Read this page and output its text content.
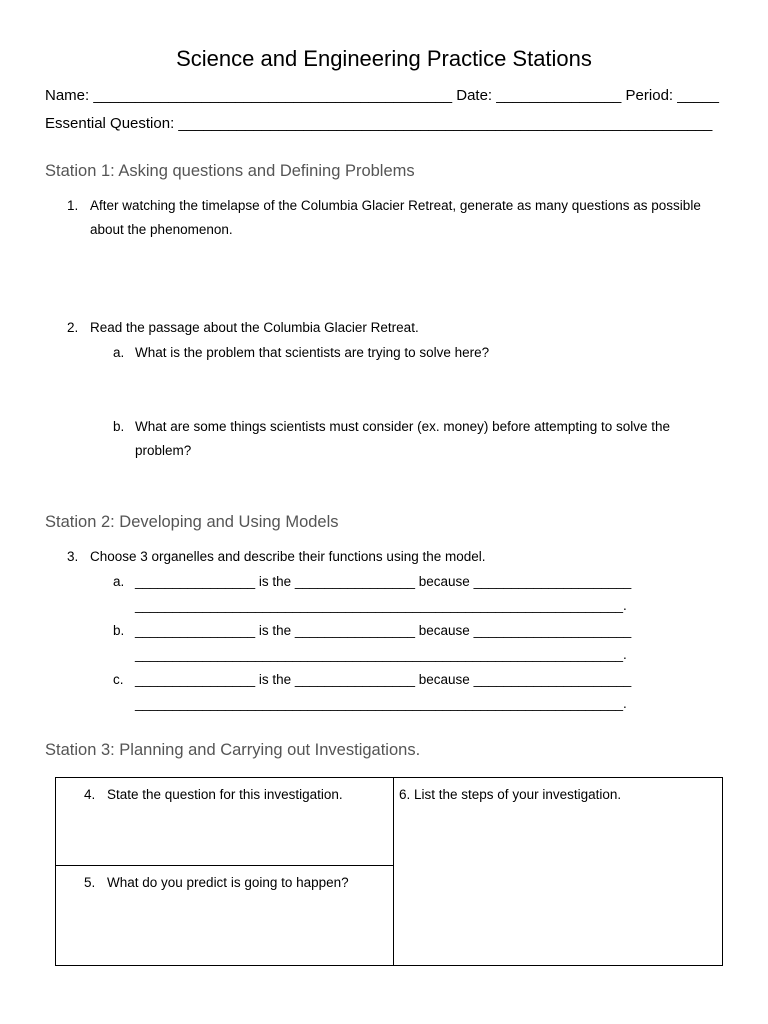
Science and Engineering Practice Stations
Name: ___________________________________________ Date: _______________ Period: _____
Essential Question: ________________________________________________________________
Station 1: Asking questions and Defining Problems
1. After watching the timelapse of the Columbia Glacier Retreat, generate as many questions as possible
about the phenomenon.
2. Read the passage about the Columbia Glacier Retreat.
a. What is the problem that scientists are trying to solve here?
b. What are some things scientists must consider (ex. money) before attempting to solve the
problem?
Station 2: Developing and Using Models
3. Choose 3 organelles and describe their functions using the model.
a. ________________ is the ________________ because _____________________
_________________________________________________________________.
b. ________________ is the ________________ because _____________________
_________________________________________________________________.
c. ________________ is the ________________ because _____________________
_________________________________________________________________.
Station 3: Planning and Carrying out Investigations.
4. State the question for this investigation.
5. What do you predict is going to happen?
6. List the steps of your investigation.
